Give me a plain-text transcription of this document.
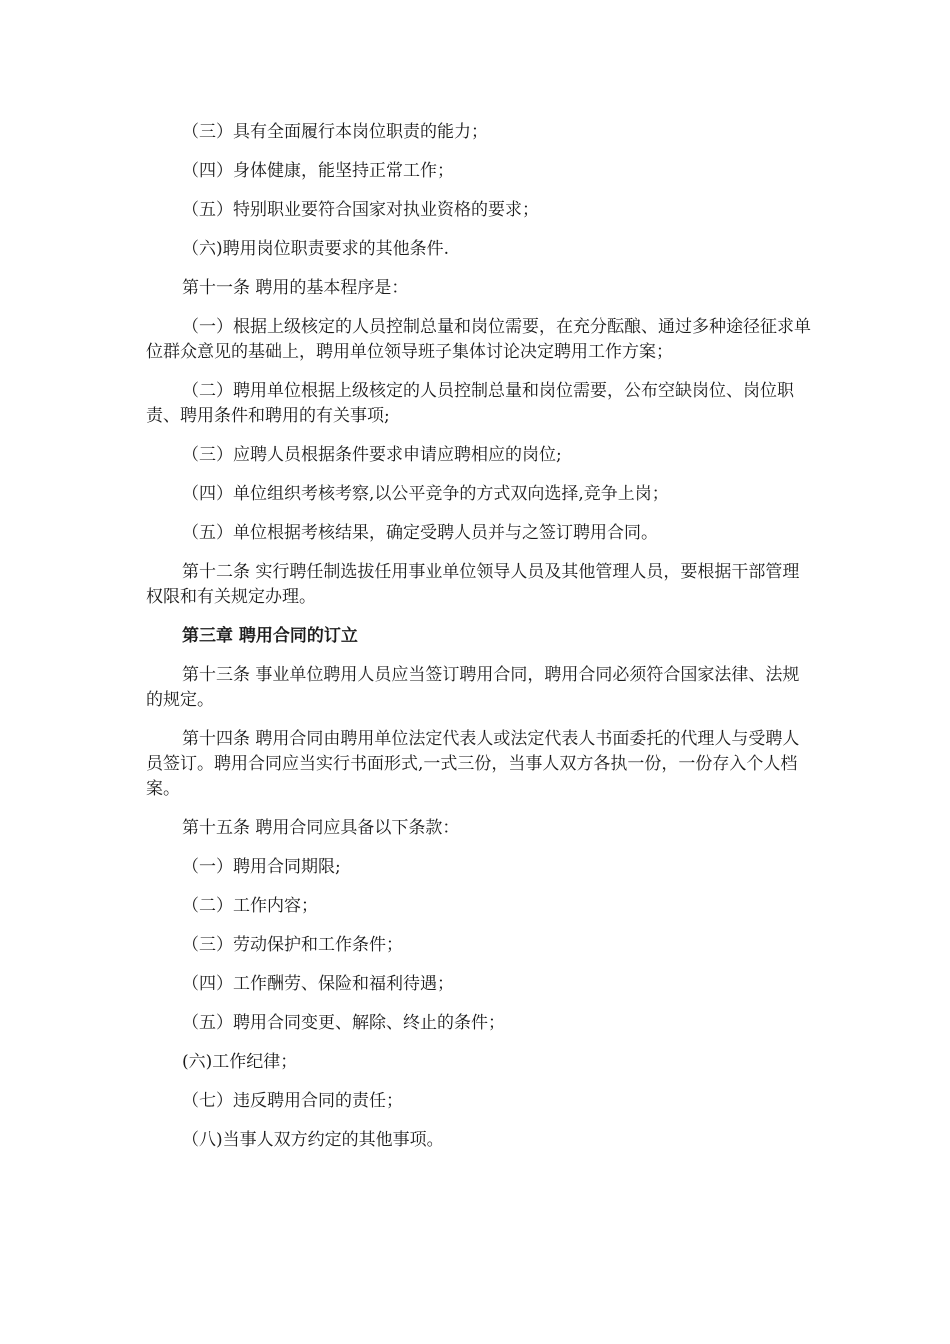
（三）具有全面履行本岗位职责的能力；

（四）身体健康，能坚持正常工作；

（五）特别职业要符合国家对执业资格的要求；

（六)聘用岗位职责要求的其他条件.

第十一条 聘用的基本程序是：

（一）根据上级核定的人员控制总量和岗位需要，在充分酝酿、通过多种途径征求单位群众意见的基础上，聘用单位领导班子集体讨论决定聘用工作方案；

（二）聘用单位根据上级核定的人员控制总量和岗位需要，公布空缺岗位、岗位职责、聘用条件和聘用的有关事项;

（三）应聘人员根据条件要求申请应聘相应的岗位;

（四）单位组织考核考察,以公平竞争的方式双向选择,竞争上岗；

（五）单位根据考核结果，确定受聘人员并与之签订聘用合同。

第十二条 实行聘任制选拔任用事业单位领导人员及其他管理人员，要根据干部管理权限和有关规定办理。

第三章 聘用合同的订立

第十三条 事业单位聘用人员应当签订聘用合同，聘用合同必须符合国家法律、法规的规定。

第十四条 聘用合同由聘用单位法定代表人或法定代表人书面委托的代理人与受聘人员签订。聘用合同应当实行书面形式,一式三份，当事人双方各执一份，一份存入个人档案。

第十五条 聘用合同应具备以下条款：

（一）聘用合同期限;

（二）工作内容；

（三）劳动保护和工作条件；

（四）工作酬劳、保险和福利待遇；

（五）聘用合同变更、解除、终止的条件；

(六)工作纪律；

（七）违反聘用合同的责任；

（八)当事人双方约定的其他事项。
